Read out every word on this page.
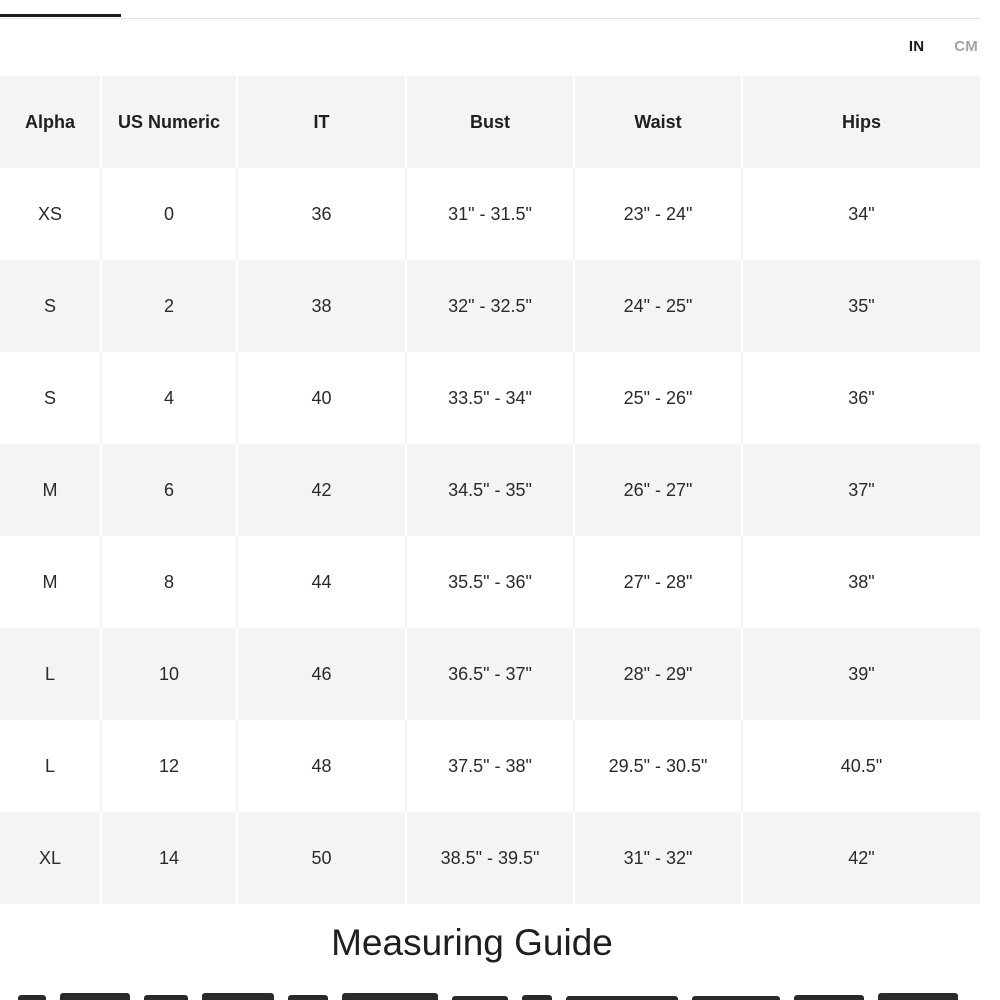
IN CM
Alpha	US Numeric	IT	Bust	Waist	Hips
XS	0	36	31" - 31.5"	23" - 24"	34"
S	2	38	32" - 32.5"	24" - 25"	35"
S	4	40	33.5" - 34"	25" - 26"	36"
M	6	42	34.5" - 35"	26" - 27"	37"
M	8	44	35.5" - 36"	27" - 28"	38"
L	10	46	36.5" - 37"	28" - 29"	39"
L	12	48	37.5" - 38"	29.5" - 30.5"	40.5"
XL	14	50	38.5" - 39.5"	31" - 32"	42"
Measuring Guide
